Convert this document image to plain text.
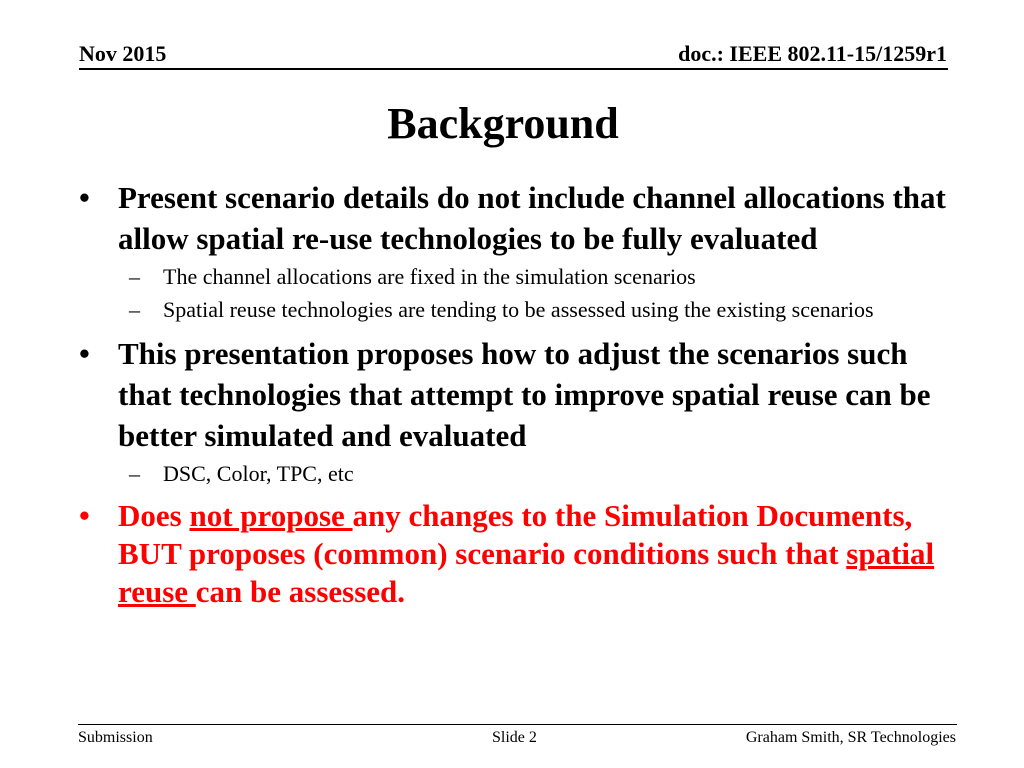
Nov 2015	doc.: IEEE 802.11-15/1259r1
Background
• Present scenario details do not include channel allocations that allow spatial re-use technologies to be fully evaluated
– The channel allocations are fixed in the simulation scenarios
– Spatial reuse technologies are tending to be assessed using the existing scenarios
• This presentation proposes how to adjust the scenarios such that technologies that attempt to improve spatial reuse can be better simulated and evaluated
– DSC, Color, TPC, etc
• Does not propose any changes to the Simulation Documents, BUT proposes (common) scenario conditions such that spatial reuse can be assessed.
Submission	Slide 2	Graham Smith, SR Technologies
